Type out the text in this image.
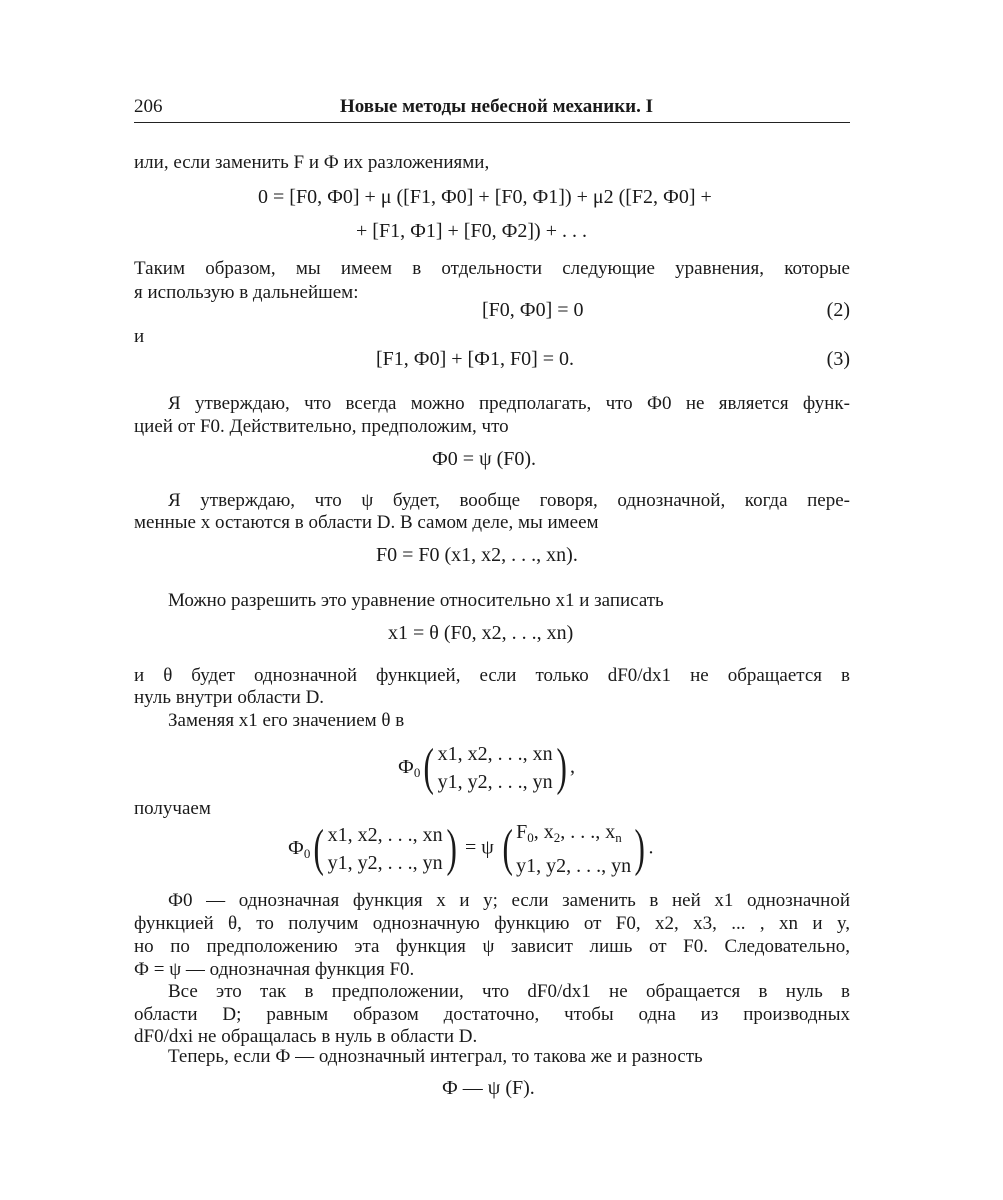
206	Новые методы небесной механики. I
или, если заменить F и Ф их разложениями,
0 = [F0, Ф0] + μ ([F1, Ф0] + [F0, Ф1]) + μ2 ([F2, Ф0] +
+ [F1, Ф1] + [F0, Ф2]) + . . .
Таким образом, мы имеем в отдельности следующие уравнения, которые
я использую в дальнейшем:
[F0, Ф0] = 0	(2)
и
[F1, Ф0] + [Ф1, F0] = 0.	(3)
Я утверждаю, что всегда можно предполагать, что Ф0 не является функ-
цией от F0. Действительно, предположим, что
Ф0 = ψ (F0).
Я утверждаю, что ψ будет, вообще говоря, однозначной, когда пере-
менные x остаются в области D. В самом деле, мы имеем
F0 = F0 (x1, x2, . . ., xn).
Можно разрешить это уравнение относительно x1 и записать
x1 = θ (F0, x2, . . ., xn)
и θ будет однозначной функцией, если только dF0/dx1 не обращается в
нуль внутри области D.
Заменяя x1 его значением θ в
$Ф_0$( x1, x2, . . ., xn
y1, y2, . . ., yn) ,
получаем
$Ф_0$( x1, x2, . . ., xn
y1, y2, . . ., yn) = ψ ( $F_0$, $x_2$, . . ., $x_n$
y1, y2, . . ., yn) .
Ф0 — однозначная функция x и y; если заменить в ней x1 однозначной
функцией θ, то получим однозначную функцию от F0, x2, x3, ... , xn и y,
но по предположению эта функция ψ зависит лишь от F0. Следовательно,
Ф = ψ — однозначная функция F0.
Все это так в предположении, что dF0/dx1 не обращается в нуль в
области D; равным образом достаточно, чтобы одна из производных
dF0/dxi не обращалась в нуль в области D.
Теперь, если Ф — однозначный интеграл, то такова же и разность
Ф — ψ (F).
